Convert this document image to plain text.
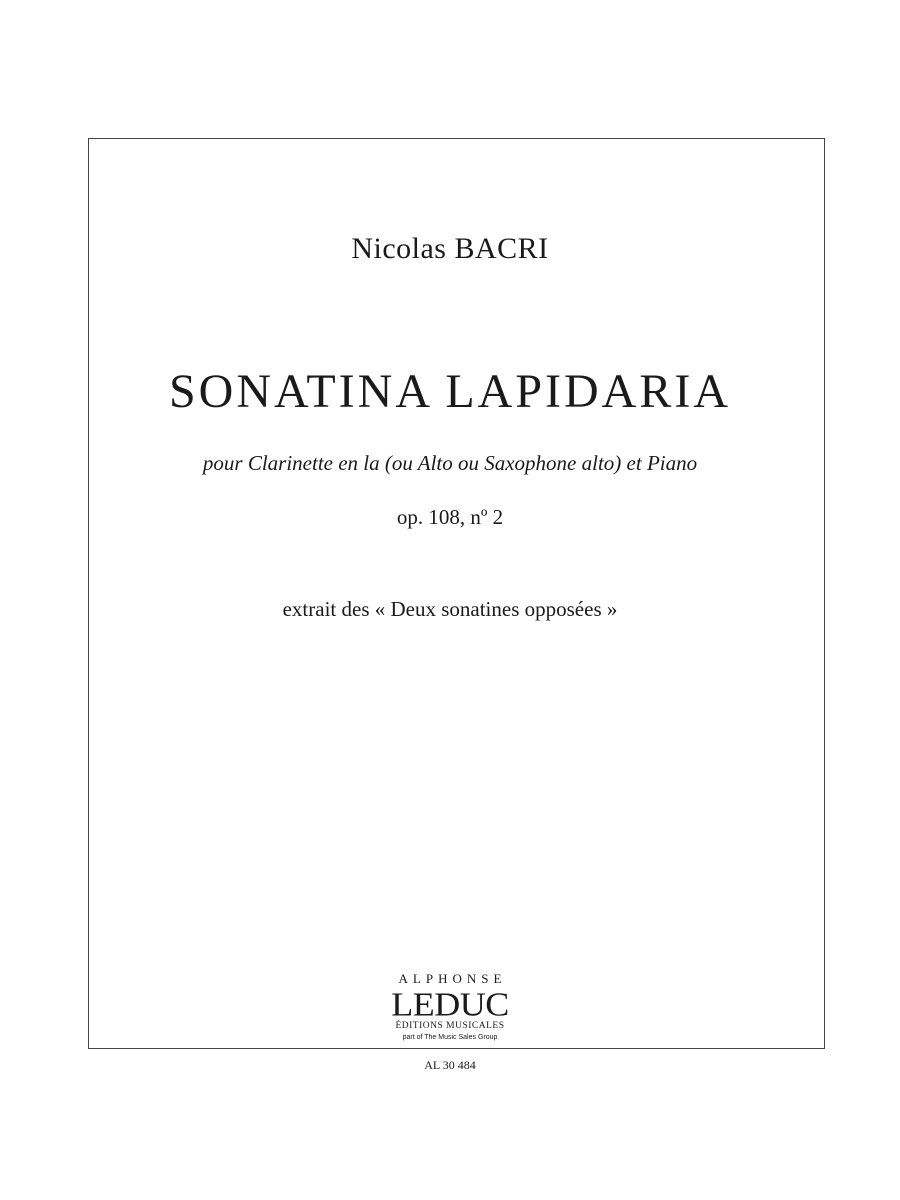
Nicolas BACRI
SONATINA LAPIDARIA
pour Clarinette en la (ou Alto ou Saxophone alto) et Piano
op. 108, nº 2
extrait des « Deux sonatines opposées »
ALPHONSE
LEDUC
ÉDITIONS MUSICALES
part of The Music Sales Group
AL 30 484
